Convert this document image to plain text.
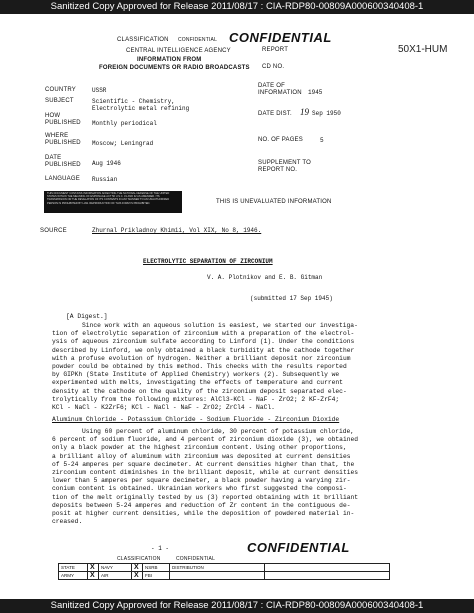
Sanitized Copy Approved for Release 2011/08/17 : CIA-RDP80-00809A000600340408-1
CLASSIFICATION CONFIDENTIAL CONFIDENTIAL
CENTRAL INTELLIGENCE AGENCY
INFORMATION FROM
FOREIGN DOCUMENTS OR RADIO BROADCASTS
REPORT
CD NO.
50X1-HUM
COUNTRY	USSR
SUBJECT	Scientific - Chemistry, Electrolytic metal refining
HOW PUBLISHED Monthly periodical
WHERE PUBLISHED Moscow; Leningrad
DATE PUBLISHED Aug 1946
LANGUAGE Russian
DATE OF INFORMATION	1945
DATE DIST. 19 Sep 1950
NO. OF PAGES	5
SUPPLEMENT TO REPORT NO.
THIS DOCUMENT CONTAINS INFORMATION AFFECTING THE NATIONAL DEFENSE OF THE UNITED STATES WITHIN THE MEANING OF ESPIONAGE ACT 50 U.S.C. 31 AND 32 AS AMENDED. ITS TRANSMISSION OR THE REVELATION OF ITS CONTENTS IN ANY MANNER TO AN UNAUTHORIZED PERSON IS PROHIBITED BY LAW. REPRODUCTION OF THIS FORM IS PROHIBITED.	THIS IS UNEVALUATED INFORMATION
SOURCE	Zhurnal Prikladnoy Khimii, Vol XIX, No 8, 1946.
ELECTROLYTIC SEPARATION OF ZIRCONIUM
V. A. Plotnikov and E. B. Gitman
(submitted 17 Sep 1945)
[A Digest.]
Since work with an aqueous solution is easiest, we started our investiga-
tion of electrolytic separation of zirconium with a preparation of the electrol-
ysis of aqueous zirconium sulfate according to Linford (1). Under the conditions
described by Linford, we only obtained a black turbidity at the cathode together
with a profuse evolution of hydrogen. Neither a brilliant deposit nor zirconium
powder could be obtained by this method. This checks with the results reported
by GIPKh (State Institute of Applied Chemistry) workers (2). Subsequently we
experimented with melts, investigating the effects of temperature and current
density at the cathode on the quality of the zirconium deposit separated elec-
trolytically from the following mixtures: AlCl3-KCl - NaF - ZrO2; 2 KF-ZrF4;
KCl - NaCl - K2ZrF6; KCl - NaCl - NaF - ZrO2; ZrCl4 - NaCl.
Aluminum Chloride - Potassium Chloride - Sodium Fluoride - Zirconium Dioxide
Using 60 percent of aluminum chloride, 30 percent of potassium chloride,
6 percent of sodium fluoride, and 4 percent of zirconium dioxide (3), we obtained
only a black powder at the highest zirconium content. Using other proportions,
a brilliant alloy of aluminum with zirconium was deposited at current densities
of 5-24 amperes per square decimeter. At current densities higher than that, the
zirconium content diminishes in the brilliant deposit, while at current densities
lower than 5 amperes per square decimeter, a black powder having a varying zir-
conium content is obtained. Ukrainian workers who first suggested the composi-
tion of the melt originally tested by us (3) reported obtaining with it brilliant
deposits between 5-24 amperes and reduction of Zr content in the contiguous de-
posit at higher current densities, while the deposition of powdered material in-
creased.
- 1 -	CONFIDENTIAL
CLASSIFICATION	CONFIDENTIAL
STATE	X	NAVY	X	NSRB	DISTRIBUTION	
ARMY	X	AIR	X	FBI		
Sanitized Copy Approved for Release 2011/08/17 : CIA-RDP80-00809A000600340408-1
